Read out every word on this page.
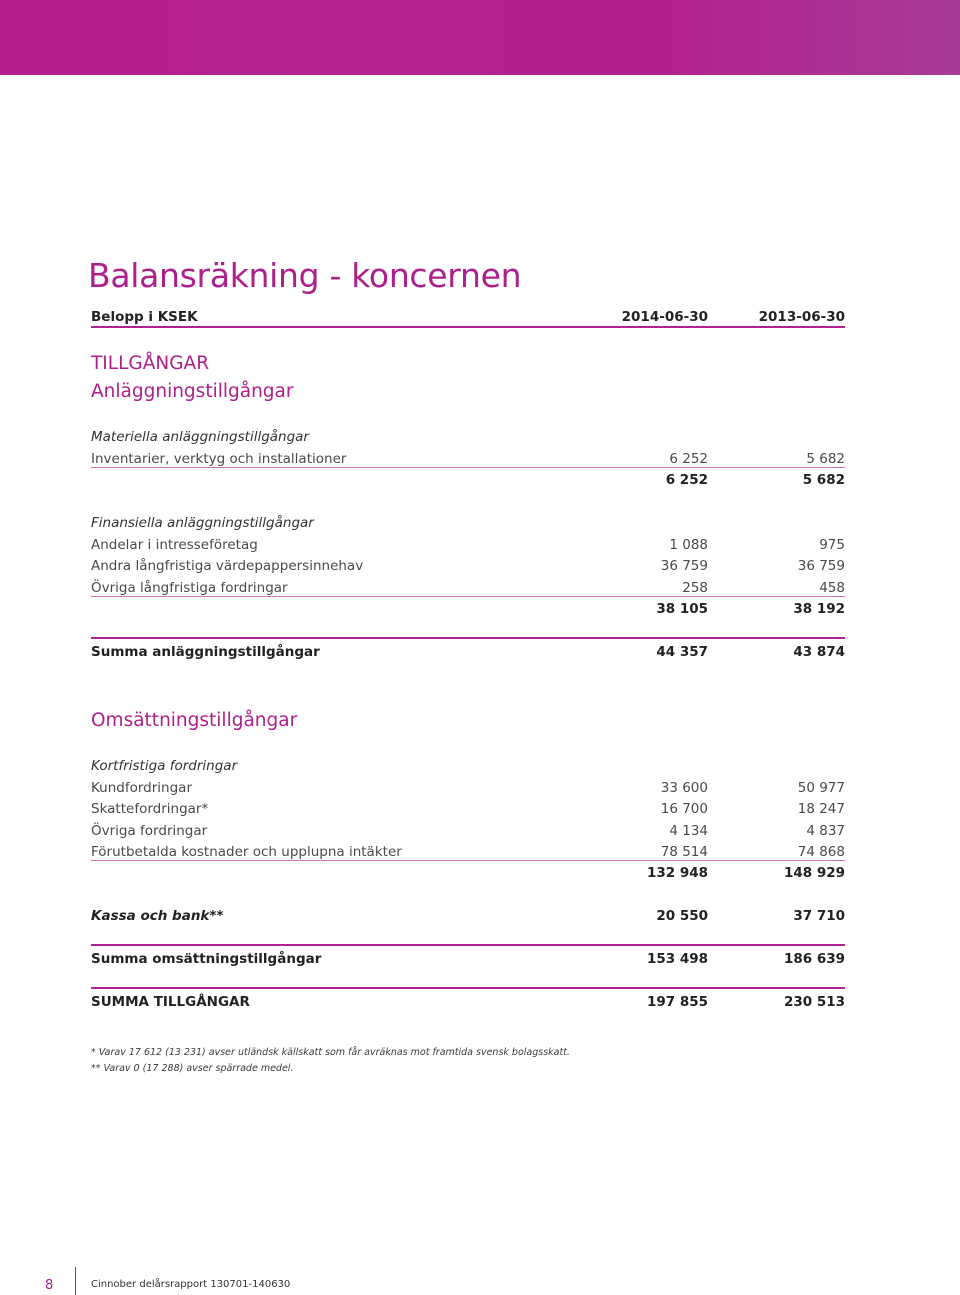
Balansräkning - koncernen
Belopp i KSEK	2014-06-30	2013-06-30
TILLGÅNGAR
Anläggningstillgångar
Materiella anläggningstillgångar
Inventarier, verktyg och installationer	6 252	5 682
6 252	5 682
Finansiella anläggningstillgångar
Andelar i intresseföretag	1 088	975
Andra långfristiga värdepappersinnehav	36 759	36 759
Övriga långfristiga fordringar	258	458
38 105	38 192
Summa anläggningstillgångar	44 357	43 874
Omsättningstillgångar
Kortfristiga fordringar
Kundfordringar	33 600	50 977
Skattefordringar*	16 700	18 247
Övriga fordringar	4 134	4 837
Förutbetalda kostnader och upplupna intäkter	78 514	74 868
132 948	148 929
Kassa och bank**	20 550	37 710
Summa omsättningstillgångar	153 498	186 639
SUMMA TILLGÅNGAR	197 855	230 513
* Varav 17 612 (13 231) avser utländsk källskatt som får avräknas mot framtida svensk bolagsskatt.
** Varav 0 (17 288) avser spärrade medel.
8	Cinnober delårsrapport 130701-140630
